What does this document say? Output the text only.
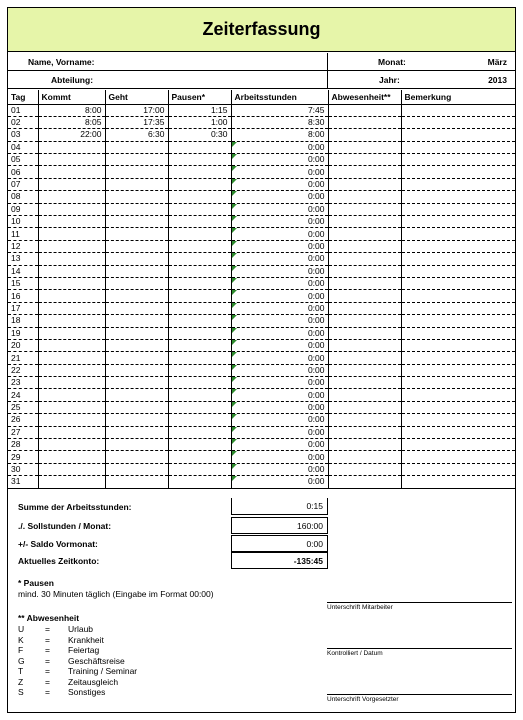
Zeiterfassung
Name, Vorname:	Monat:	März
Abteilung:	Jahr:	2013
Tag	Kommt	Geht	Pausen*	Arbeitsstunden	Abwesenheit**	Bemerkung
01	8:00	17:00	1:15	7:45		
02	8:05	17:35	1:00	8:30		
03	22:00	6:30	0:30	8:00		
04				0:00		
05				0:00		
06				0:00		
07				0:00		
08				0:00		
09				0:00		
10				0:00		
11				0:00		
12				0:00		
13				0:00		
14				0:00		
15				0:00		
16				0:00		
17				0:00		
18				0:00		
19				0:00		
20				0:00		
21				0:00		
22				0:00		
23				0:00		
24				0:00		
25				0:00		
26				0:00		
27				0:00		
28				0:00		
29				0:00		
30				0:00		
31				0:00		
Summe der Arbeitsstunden:	0:15
./. Sollstunden / Monat:	160:00
+/- Saldo Vormonat:	0:00
Aktuelles Zeitkonto:	-135:45
* Pausen
mind. 30 Minuten täglich (Eingabe im Format 00:00)
** Abwesenheit
U = Urlaub
K	= Krankheit
F	= Feiertag
G = Geschäftsreise
T	= Training / Seminar
Z	= Zeitausgleich
S	= Sonstiges
Unterschrift Mitarbeiter
Kontrolliert / Datum
Unterschrift Vorgesetzter
